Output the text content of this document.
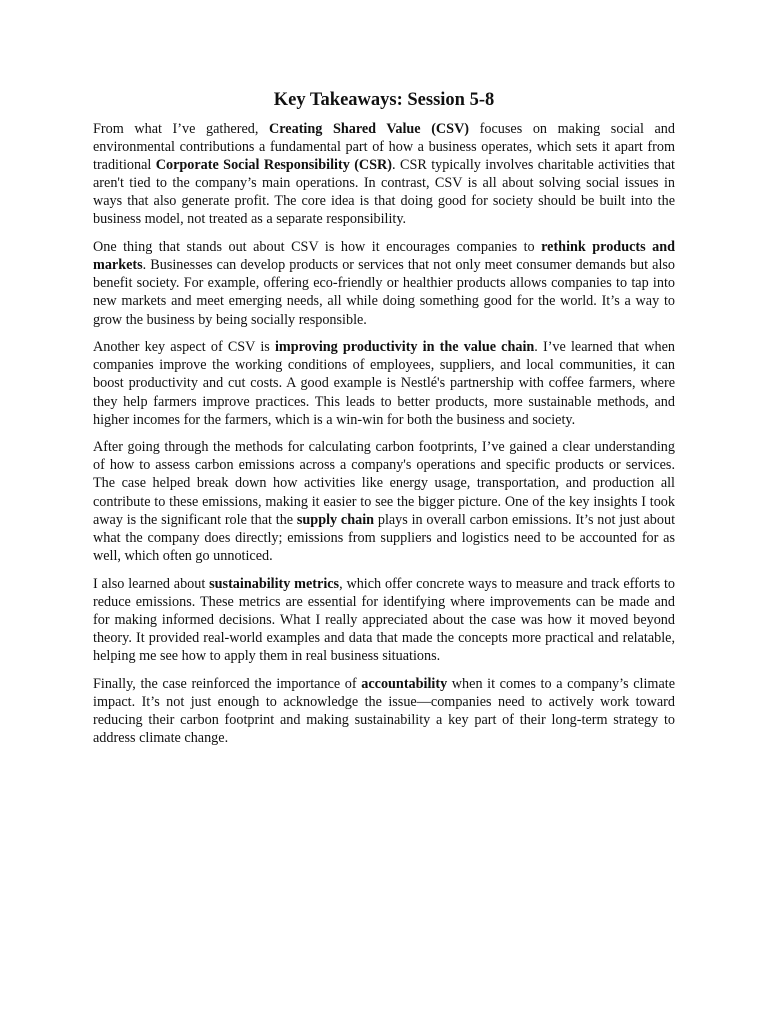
Key Takeaways: Session 5-8

From what I’ve gathered, Creating Shared Value (CSV) focuses on making social and environmental contributions a fundamental part of how a business operates, which sets it apart from traditional Corporate Social Responsibility (CSR). CSR typically involves charitable activities that aren't tied to the company’s main operations. In contrast, CSV is all about solving social issues in ways that also generate profit. The core idea is that doing good for society should be built into the business model, not treated as a separate responsibility.

One thing that stands out about CSV is how it encourages companies to rethink products and markets. Businesses can develop products or services that not only meet consumer demands but also benefit society. For example, offering eco-friendly or healthier products allows companies to tap into new markets and meet emerging needs, all while doing something good for the world. It’s a way to grow the business by being socially responsible.

Another key aspect of CSV is improving productivity in the value chain. I’ve learned that when companies improve the working conditions of employees, suppliers, and local communities, it can boost productivity and cut costs. A good example is Nestlé's partnership with coffee farmers, where they help farmers improve practices. This leads to better products, more sustainable methods, and higher incomes for the farmers, which is a win-win for both the business and society.

After going through the methods for calculating carbon footprints, I’ve gained a clear understanding of how to assess carbon emissions across a company's operations and specific products or services. The case helped break down how activities like energy usage, transportation, and production all contribute to these emissions, making it easier to see the bigger picture. One of the key insights I took away is the significant role that the supply chain plays in overall carbon emissions. It’s not just about what the company does directly; emissions from suppliers and logistics need to be accounted for as well, which often go unnoticed.

I also learned about sustainability metrics, which offer concrete ways to measure and track efforts to reduce emissions. These metrics are essential for identifying where improvements can be made and for making informed decisions. What I really appreciated about the case was how it moved beyond theory. It provided real-world examples and data that made the concepts more practical and relatable, helping me see how to apply them in real business situations.

Finally, the case reinforced the importance of accountability when it comes to a company’s climate impact. It’s not just enough to acknowledge the issue—companies need to actively work toward reducing their carbon footprint and making sustainability a key part of their long-term strategy to address climate change.
